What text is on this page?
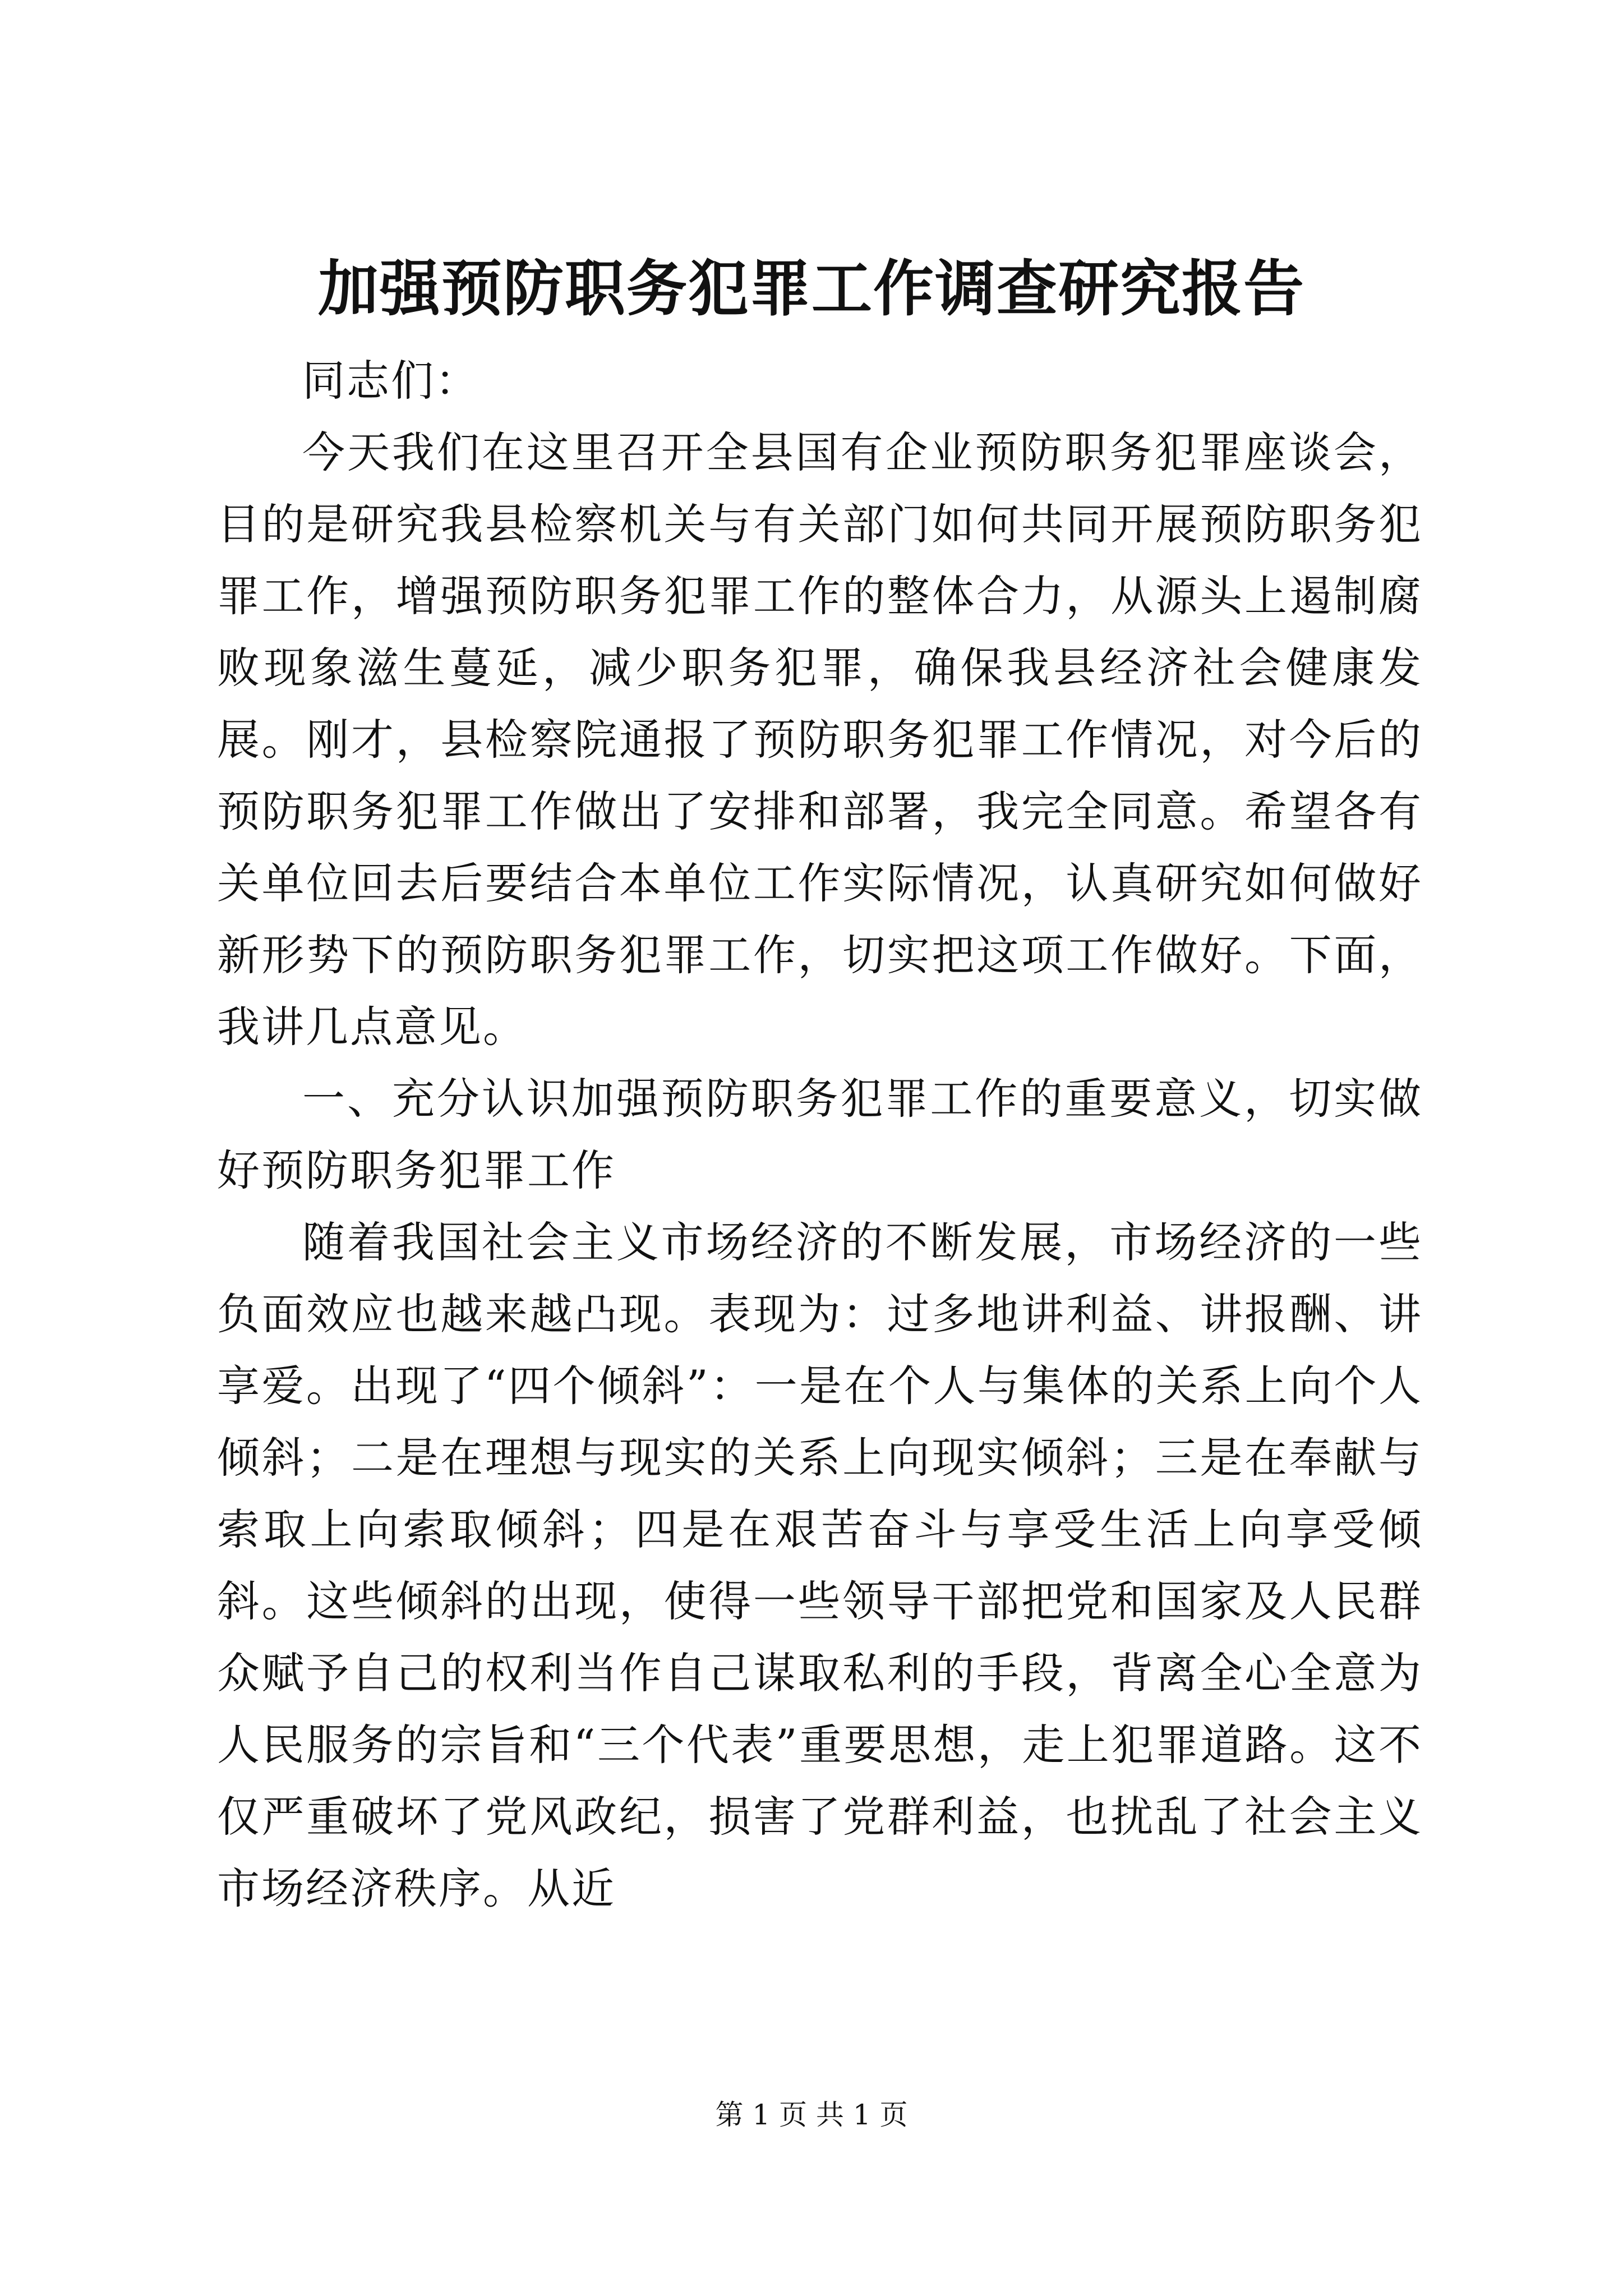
加强预防职务犯罪工作调查研究报告

同志们：

今天我们在这里召开全县国有企业预防职务犯罪座谈会，目的是研究我县检察机关与有关部门如何共同开展预防职务犯罪工作，增强预防职务犯罪工作的整体合力，从源头上遏制腐败现象滋生蔓延，减少职务犯罪，确保我县经济社会健康发展。刚才，县检察院通报了预防职务犯罪工作情况，对今后的预防职务犯罪工作做出了安排和部署，我完全同意。希望各有关单位回去后要结合本单位工作实际情况，认真研究如何做好新形势下的预防职务犯罪工作，切实把这项工作做好。下面，我讲几点意见。

一、充分认识加强预防职务犯罪工作的重要意义，切实做好预防职务犯罪工作

随着我国社会主义市场经济的不断发展，市场经济的一些负面效应也越来越凸现。表现为：过多地讲利益、讲报酬、讲享爱。出现了“四个倾斜”：一是在个人与集体的关系上向个人倾斜；二是在理想与现实的关系上向现实倾斜；三是在奉献与索取上向索取倾斜；四是在艰苦奋斗与享受生活上向享受倾斜。这些倾斜的出现，使得一些领导干部把党和国家及人民群众赋予自己的权利当作自己谋取私利的手段，背离全心全意为人民服务的宗旨和“三个代表”重要思想，走上犯罪道路。这不仅严重破坏了党风政纪，损害了党群利益，也扰乱了社会主义市场经济秩序。从近

第 1 页 共 1 页
